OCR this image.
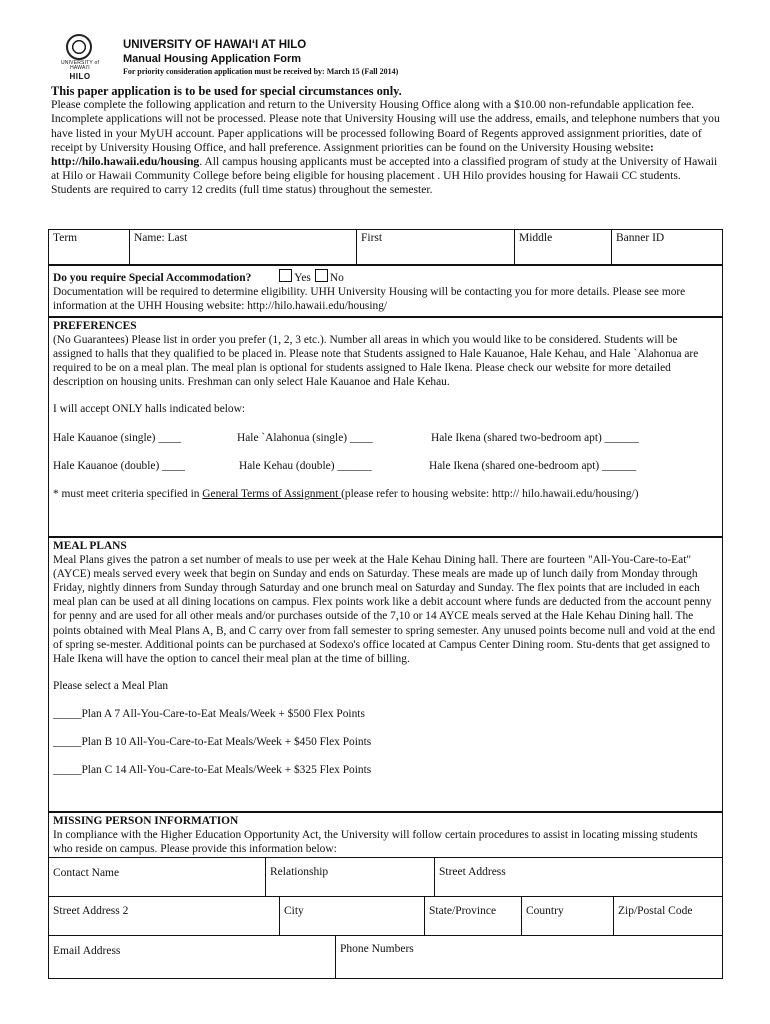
UNIVERSITY of HAWAI'I
HILO
UNIVERSITY OF HAWAI‘I AT HILO
Manual Housing Application Form
For priority consideration application must be received by: March 15 (Fall 2014)
This paper application is to be used for special circumstances only.
Please complete the following application and return to the University Housing Office along with a $10.00 non-refundable application fee. Incomplete applications will not be processed. Please note that University Housing will use the address, emails, and telephone numbers that you have listed in your MyUH account. Paper applications will be processed following Board of Regents approved assignment priorities, date of receipt by University Housing Office, and hall preference. Assignment priorities can be found on the University Housing website: http://hilo.hawaii.edu/housing. All campus housing applicants must be accepted into a classified program of study at the University of Hawaii at Hilo or Hawaii Community College before being eligible for housing placement . UH Hilo provides housing for Hawaii CC students. Students are required to carry 12 credits (full time status) throughout the semester.
Term	Name: Last	First	Middle	Banner ID
Do you require Special Accommodation?	Yes No
Documentation will be required to determine eligibility. UHH University Housing will be contacting you for more details. Please see more information at the UHH Housing website: http://hilo.hawaii.edu/housing/
PREFERENCES
(No Guarantees) Please list in order you prefer (1, 2, 3 etc.). Number all areas in which you would like to be considered. Students will be assigned to halls that they qualified to be placed in. Please note that Students assigned to Hale Kauanoe, Hale Kehau, and Hale `Alahonua are required to be on a meal plan. The meal plan is optional for students assigned to Hale Ikena. Please check our website for more detailed description on housing units. Freshman can only select Hale Kauanoe and Hale Kehau.
I will accept ONLY halls indicated below:
Hale Kauanoe (single) ____	Hale `Alahonua (single) ____	Hale Ikena (shared two-bedroom apt) ______
Hale Kauanoe (double) ____	Hale Kehau (double) ______	Hale Ikena (shared one-bedroom apt) ______
* must meet criteria specified in General Terms of Assignment (please refer to housing website: http:// hilo.hawaii.edu/housing/)
MEAL PLANS
Meal Plans gives the patron a set number of meals to use per week at the Hale Kehau Dining hall. There are fourteen "All-You-Care-to-Eat"(AYCE) meals served every week that begin on Sunday and ends on Saturday. These meals are made up of lunch daily from Monday through Friday, nightly dinners from Sunday through Saturday and one brunch meal on Saturday and Sunday. The flex points that are included in each meal plan can be used at all dining locations on campus. Flex points work like a debit account where funds are deducted from the account penny for penny and are used for all other meals and/or purchases outside of the 7,10 or 14 AYCE meals served at the Hale Kehau Dining hall. The points obtained with Meal Plans A, B, and C carry over from fall semester to spring semester. Any unused points become null and void at the end of spring se-mester. Additional points can be purchased at Sodexo's office located at Campus Center Dining room. Stu-dents that get assigned to Hale Ikena will have the option to cancel their meal plan at the time of billing.
Please select a Meal Plan
_____Plan A 7 All-You-Care-to-Eat Meals/Week + $500 Flex Points
_____Plan B 10 All-You-Care-to-Eat Meals/Week + $450 Flex Points
_____Plan C 14 All-You-Care-to-Eat Meals/Week + $325 Flex Points
MISSING PERSON INFORMATION
In compliance with the Higher Education Opportunity Act, the University will follow certain procedures to assist in locating missing students who reside on campus. Please provide this information below:
Contact Name	Relationship	Street Address
Street Address 2	City	State/Province	Country	Zip/Postal Code
Email Address	Phone Numbers
